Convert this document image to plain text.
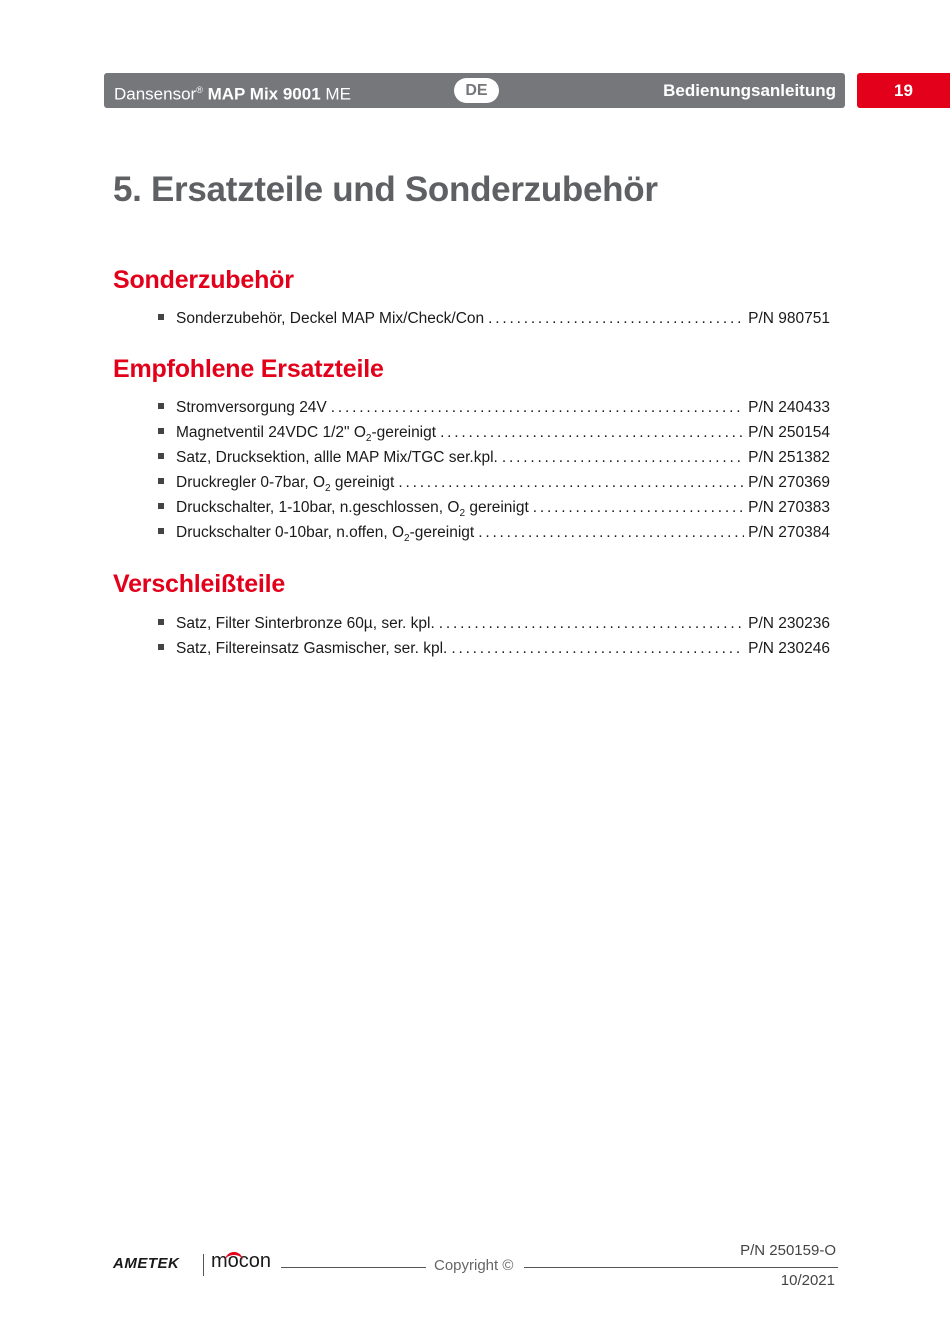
Dansensor® MAP Mix 9001 ME	DE	Bedienungsanleitung	19
5. Ersatzteile und Sonderzubehör
Sonderzubehör
Sonderzubehör, Deckel MAP Mix/Check/Con . . .	P/N 980751
Empfohlene Ersatzteile
Stromversorgung 24V . . .	P/N 240433
Magnetventil 24VDC 1/2" $O_2$-gereinigt . . .	P/N 250154
Satz, Drucksektion, allle MAP Mix/TGC ser.kpl. . . .	P/N 251382
Druckregler 0-7bar, $O_2$ gereinigt . . .	P/N 270369
Druckschalter, 1-10bar, n.geschlossen, $O_2$ gereinigt . . .	P/N 270383
Druckschalter 0-10bar, n.offen, $O_2$-gereinigt . . .	P/N 270384
Verschleißteile
Satz, Filter Sinterbronze 60µ, ser. kpl. . . .	P/N 230236
Satz, Filtereinsatz Gasmischer, ser. kpl. . . .	P/N 230246
AMETEK mocon	Copyright ©
P/N 250159-O
10/2021
